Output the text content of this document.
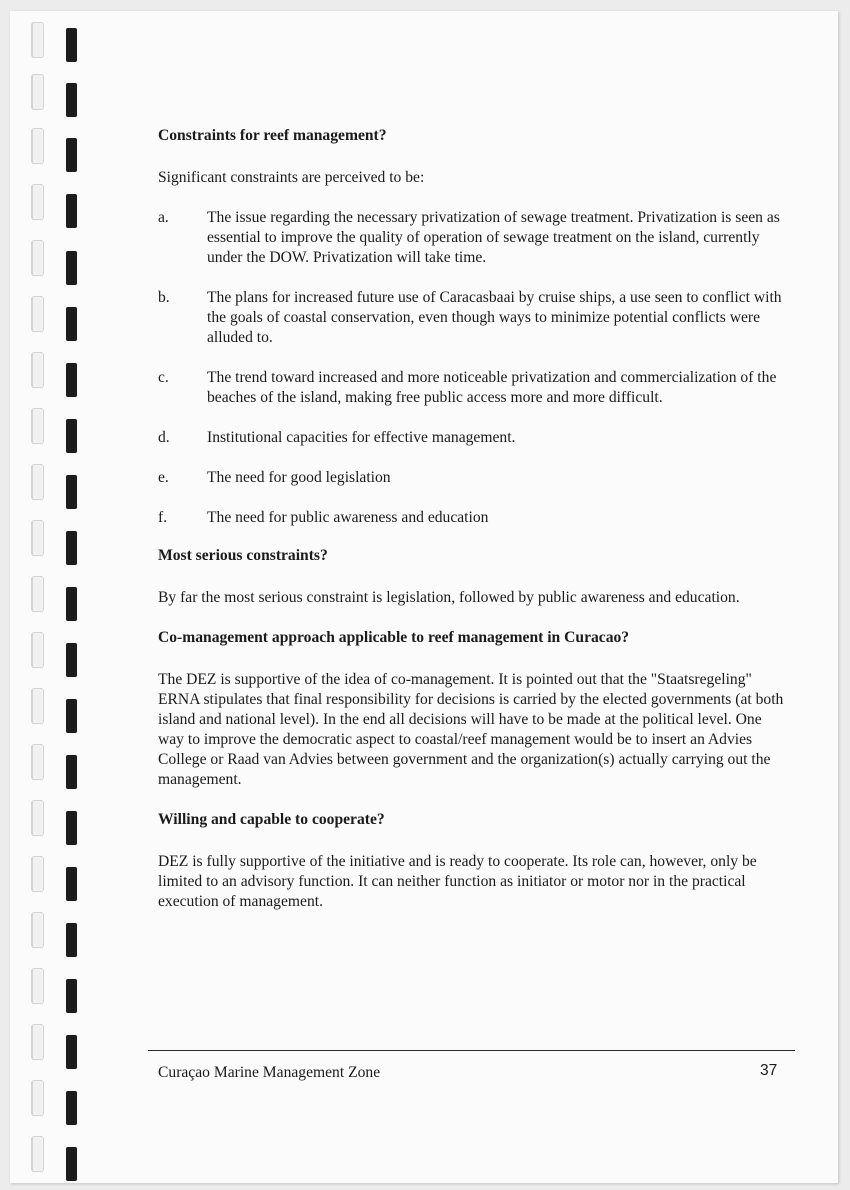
Constraints for reef management?

Significant constraints are perceived to be:

a.	The issue regarding the necessary privatization of sewage treatment. Privatization is seen as essential to improve the quality of operation of sewage treatment on the island, currently under the DOW. Privatization will take time.
b.	The plans for increased future use of Caracasbaai by cruise ships, a use seen to conflict with the goals of coastal conservation, even though ways to minimize potential conflicts were alluded to.
c.	The trend toward increased and more noticeable privatization and commercialization of the beaches of the island, making free public access more and more difficult.
d.	Institutional capacities for effective management.
e.	The need for good legislation
f.	The need for public awareness and education
Most serious constraints?

By far the most serious constraint is legislation, followed by public awareness and education.

Co-management approach applicable to reef management in Curacao?

The DEZ is supportive of the idea of co-management. It is pointed out that the "Staatsregeling" ERNA stipulates that final responsibility for decisions is carried by the elected governments (at both island and national level). In the end all decisions will have to be made at the political level. One way to improve the democratic aspect to coastal/reef management would be to insert an Advies College or Raad van Advies between government and the organization(s) actually carrying out the management.

Willing and capable to cooperate?

DEZ is fully supportive of the initiative and is ready to cooperate. Its role can, however, only be limited to an advisory function. It can neither function as initiator or motor nor in the practical execution of management.

Curaçao Marine Management Zone	37
